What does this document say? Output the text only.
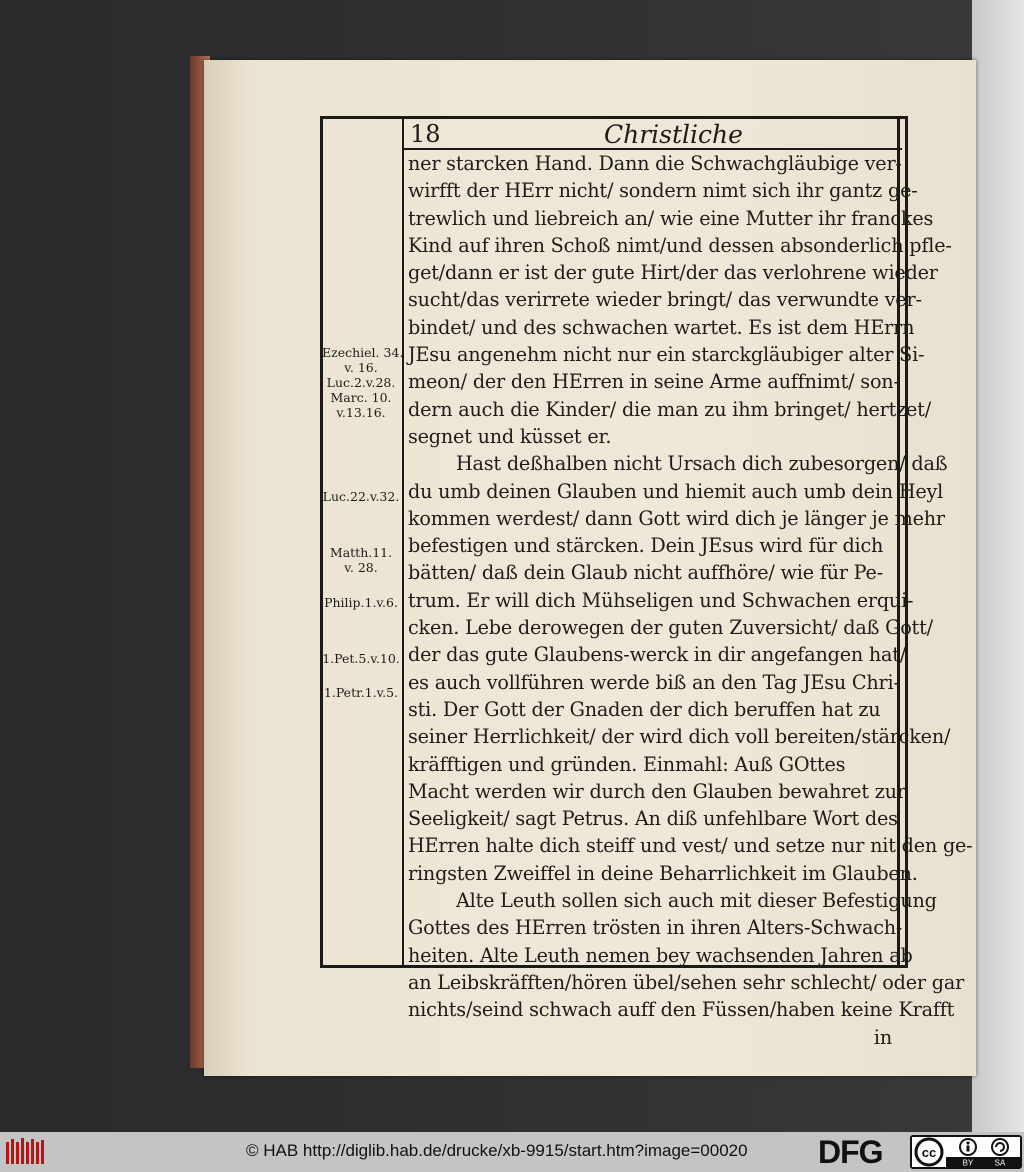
18	Christliche
ner starcken Hand. Dann die Schwachgläubige ver-
wirfft der HErr nicht/ sondern nimt sich ihr gantz ge-
trewlich und liebreich an/ wie eine Mutter ihr franckes
Kind auf ihren Schoß nimt/und dessen absonderlich pfle-
get/dann er ist der gute Hirt/der das verlohrene wieder
sucht/das verirrete wieder bringt/ das verwundte ver-
bindet/ und des schwachen wartet. Es ist dem HErrn
JEsu angenehm nicht nur ein starckgläubiger alter Si-
meon/ der den HErren in seine Arme auffnimt/ son-
dern auch die Kinder/ die man zu ihm bringet/ hertzet/
segnet und küsset er.
Hast deßhalben nicht Ursach dich zubesorgen/ daß
du umb deinen Glauben und hiemit auch umb dein Heyl
kommen werdest/ dann Gott wird dich je länger je mehr
befestigen und stärcken. Dein JEsus wird für dich
bätten/ daß dein Glaub nicht auffhöre/ wie für Pe-
trum. Er will dich Mühseligen und Schwachen erqui-
cken. Lebe derowegen der guten Zuversicht/ daß Gott/
der das gute Glaubens-werck in dir angefangen hat/
es auch vollführen werde biß an den Tag JEsu Chri-
sti. Der Gott der Gnaden der dich beruffen hat zu
seiner Herrlichkeit/ der wird dich voll bereiten/stärcken/
kräfftigen und gründen. Einmahl: Auß GOttes
Macht werden wir durch den Glauben bewahret zur
Seeligkeit/ sagt Petrus. An diß unfehlbare Wort des
HErren halte dich steiff und vest/ und setze nur nit den ge-
ringsten Zweiffel in deine Beharrlichkeit im Glauben.
Alte Leuth sollen sich auch mit dieser Befestigung
Gottes des HErren trösten in ihren Alters-Schwach-
heiten. Alte Leuth nemen bey wachsenden Jahren ab
an Leibskräfften/hören übel/sehen sehr schlecht/ oder gar
nichts/seind schwach auff den Füssen/haben keine Krafft
in
Ezechiel. 34.
v. 16.
Luc.2.v.28.
Marc. 10.
v.13.16.
Luc.22.v.32.
Matth.11.
v. 28.
Philip.1.v.6.
1.Pet.5.v.10.
1.Petr.1.v.5.
© HAB http://diglib.hab.de/drucke/xb-9915/start.htm?image=00020 DFG	cc
BY	SA
